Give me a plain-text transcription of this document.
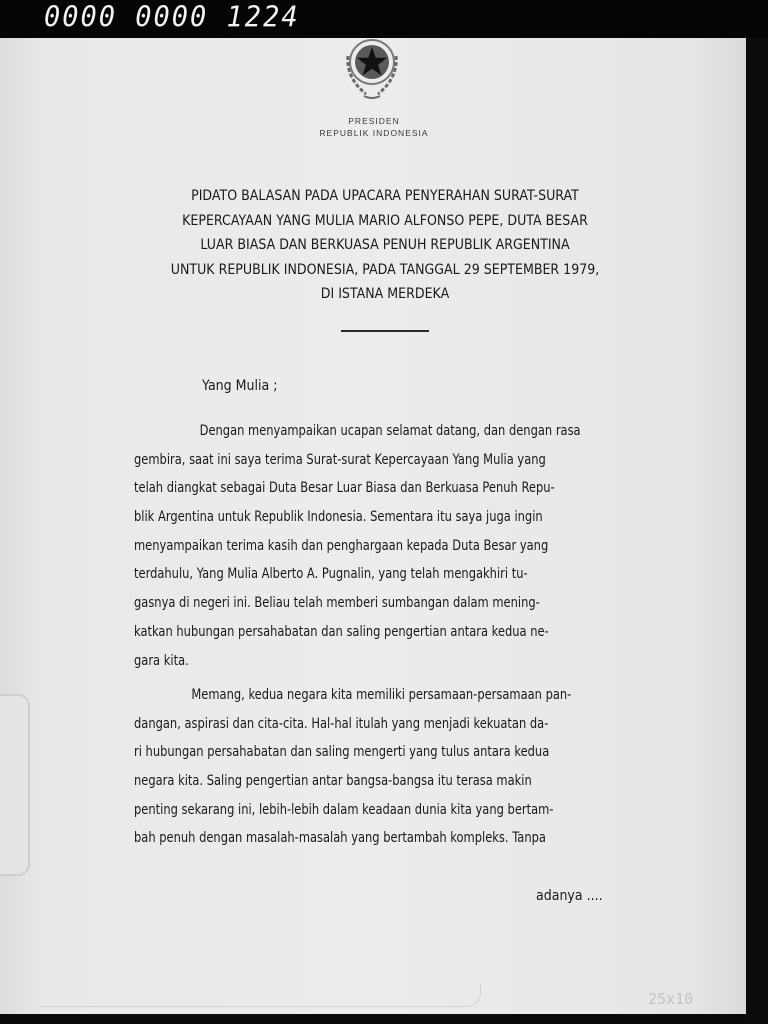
0000 0000 1224
PRESIDEN
REPUBLIK INDONESIA
PIDATO BALASAN PADA UPACARA PENYERAHAN SURAT-SURAT
KEPERCAYAAN YANG MULIA MARIO ALFONSO PEPE, DUTA BESAR
LUAR BIASA DAN BERKUASA PENUH REPUBLIK ARGENTINA
UNTUK REPUBLIK INDONESIA, PADA TANGGAL 29 SEPTEMBER 1979,
DI ISTANA MERDEKA
Yang Mulia ;
Dengan menyampaikan ucapan selamat datang, dan dengan rasa
gembira, saat ini saya terima Surat-surat Kepercayaan Yang Mulia yang
telah diangkat sebagai Duta Besar Luar Biasa dan Berkuasa Penuh Repu-
blik Argentina untuk Republik Indonesia. Sementara itu saya juga ingin
menyampaikan terima kasih dan penghargaan kepada Duta Besar yang
terdahulu, Yang Mulia Alberto A. Pugnalin, yang telah mengakhiri tu-
gasnya di negeri ini. Beliau telah memberi sumbangan dalam mening-
katkan hubungan persahabatan dan saling pengertian antara kedua ne-
gara kita.
Memang, kedua negara kita memiliki persamaan-persamaan pan-
dangan, aspirasi dan cita-cita. Hal-hal itulah yang menjadi kekuatan da-
ri hubungan persahabatan dan saling mengerti yang tulus antara kedua
negara kita. Saling pengertian antar bangsa-bangsa itu terasa makin
penting sekarang ini, lebih-lebih dalam keadaan dunia kita yang bertam-
bah penuh dengan masalah-masalah yang bertambah kompleks. Tanpa
adanya ....
25x10
